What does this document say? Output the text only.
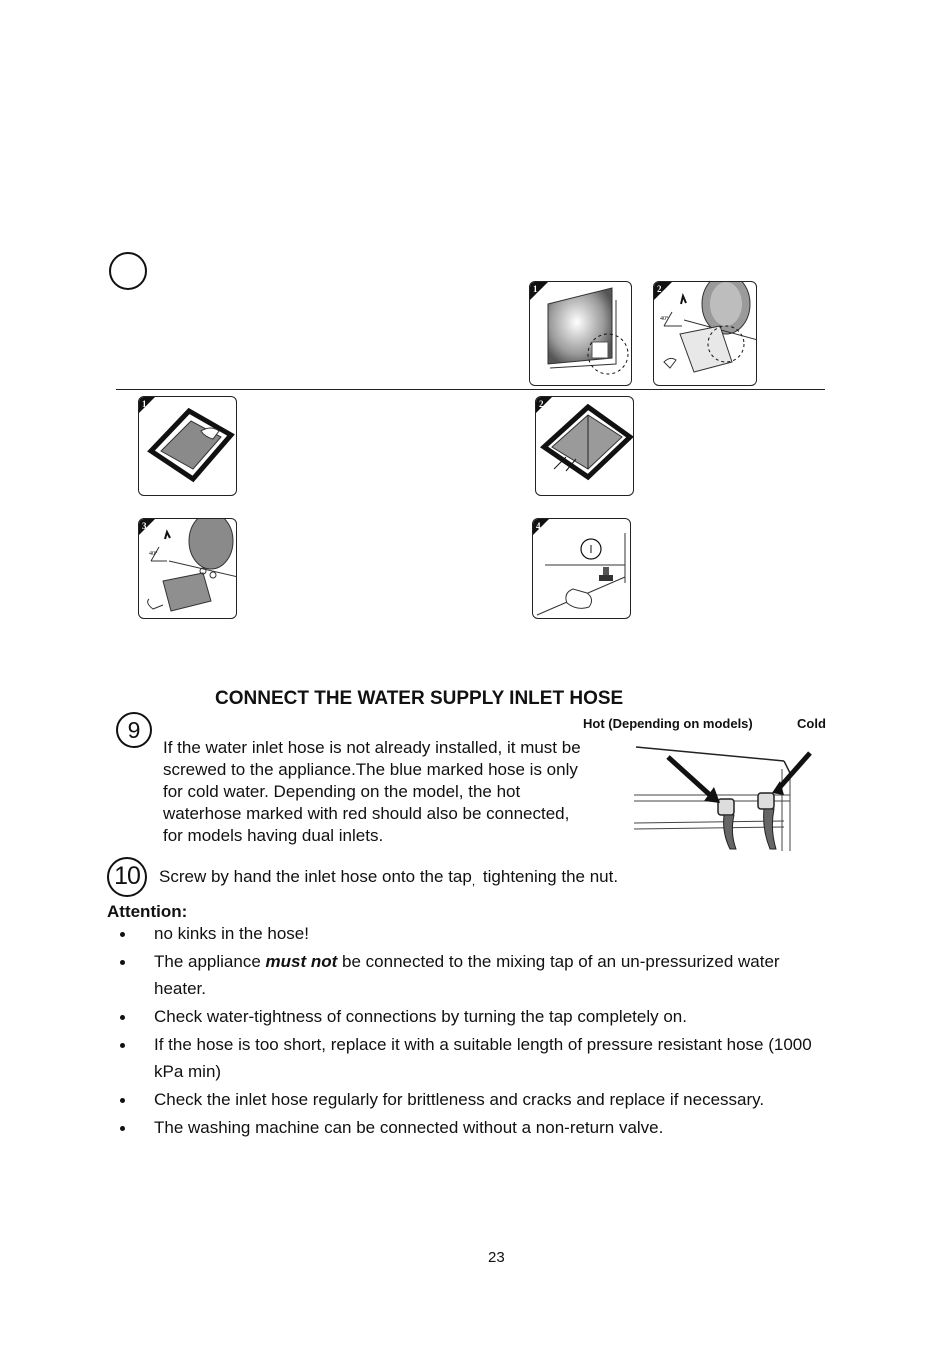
1
40°
2
1	2
40°
3	4
CONNECT THE WATER SUPPLY INLET HOSE
9	Hot (Depending on models)	Cold
If the water inlet hose is not already installed, it must be
screwed to the appliance.The blue marked hose is only
for cold water. Depending on the model, the hot
waterhose marked with red should also be connected,
for models having dual inlets.
10	Screw by hand the inlet hose onto the tap, tightening the nut.
Attention:
no kinks in the hose!
The appliance must not be connected to the mixing tap of an un-pressurized water heater.
Check water-tightness of connections by turning the tap completely on.
If the hose is too short, replace it with a suitable length of pressure resistant hose (1000 kPa min)
Check the inlet hose regularly for brittleness and cracks and replace if necessary.
The washing machine can be connected without a non-return valve.
23
